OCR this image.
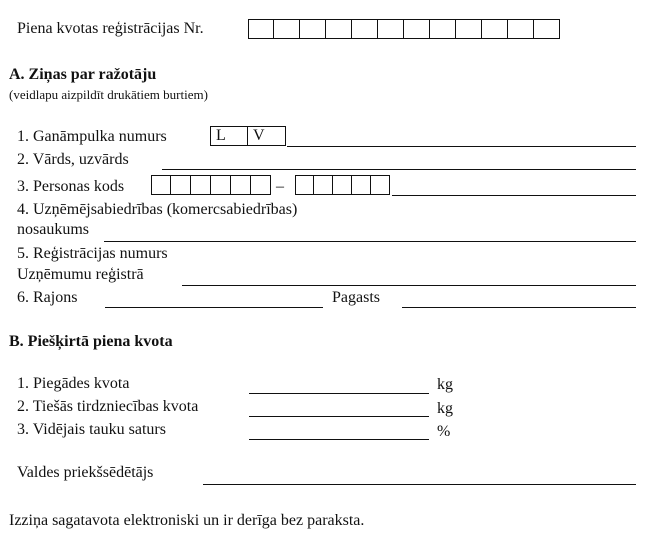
Piena kvotas reģistrācijas Nr.
A. Ziņas par ražotāju
(veidlapu aizpildīt drukātiem burtiem)
1. Ganāmpulka numurs	L	V
2. Vārds, uzvārds
3. Personas kods	–
4. Uzņēmējsabiedrības (komercsabiedrības)
nosaukums
5. Reģistrācijas numurs
Uzņēmumu reģistrā
6. Rajons	Pagasts
B. Piešķirtā piena kvota
1. Piegādes kvota	kg
2. Tiešās tirdzniecības kvota	kg
3. Vidējais tauku saturs	%
Valdes priekšsēdētājs
Izziņa sagatavota elektroniski un ir derīga bez paraksta.
